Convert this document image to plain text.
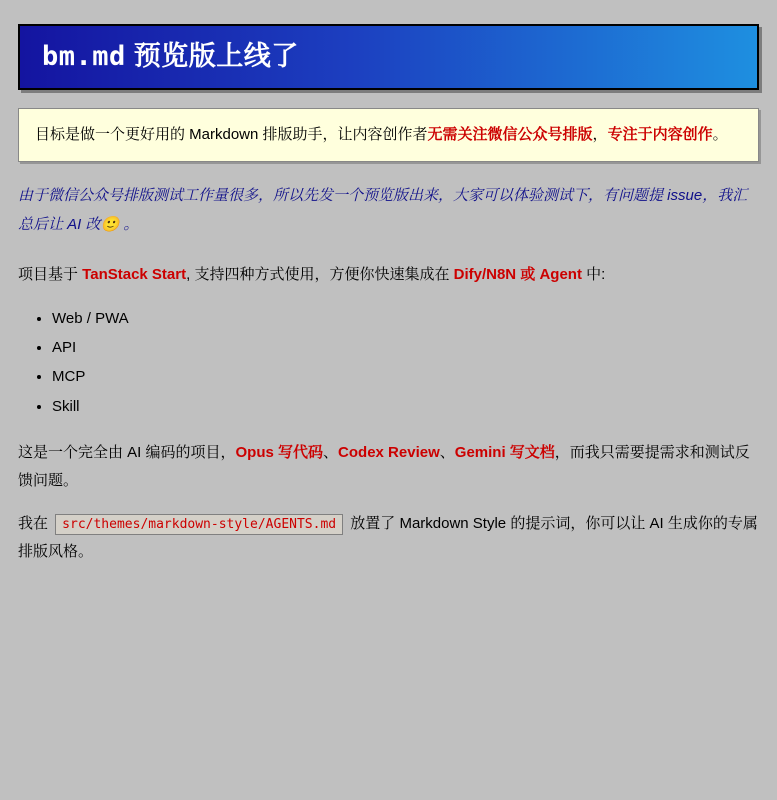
bm.md 预览版上线了
目标是做一个更好用的 Markdown 排版助手，让内容创作者无需关注微信公众号排版，专注于内容创作。

由于微信公众号排版测试工作量很多，所以先发一个预览版出来，大家可以体验测试下，有问题提 issue，我汇总后让 AI 改🙂 。

项目基于 TanStack Start, 支持四种方式使用，方便你快速集成在 Dify/N8N 或 Agent 中:

• Web / PWA
• API
• MCP
• Skill

这是一个完全由 AI 编码的项目，Opus 写代码、Codex Review、Gemini 写文档，而我只需要提需求和测试反馈问题。

我在 src/themes/markdown-style/AGENTS.md 放置了 Markdown Style 的提示词，你可以让 AI 生成你的专属排版风格。
